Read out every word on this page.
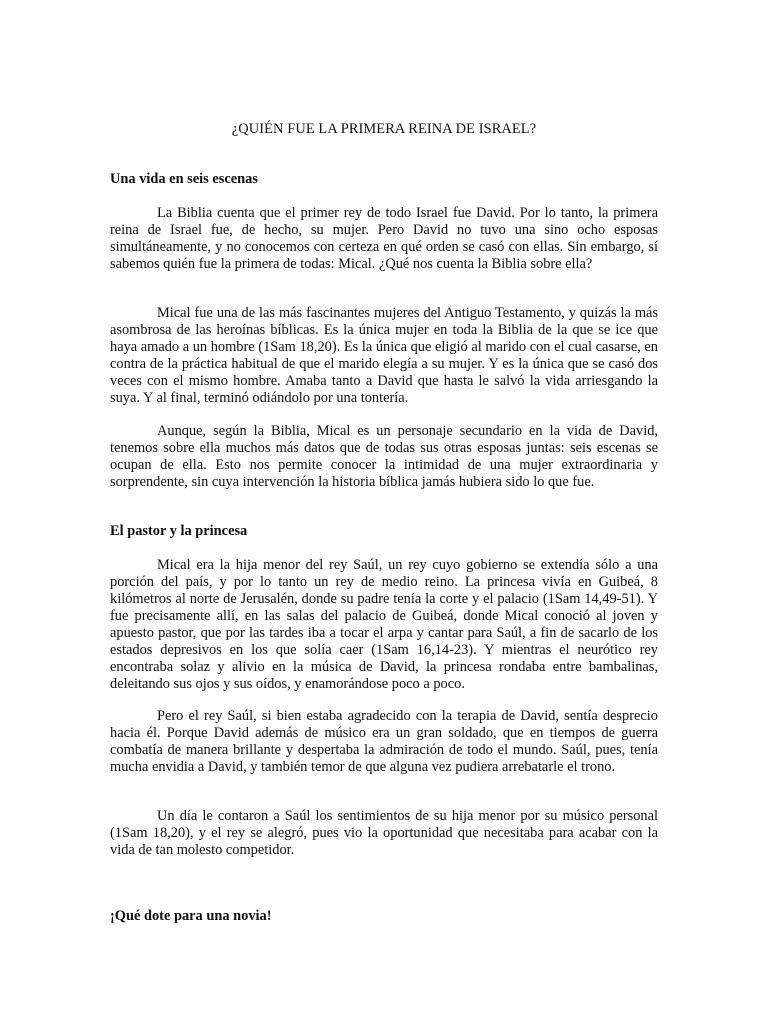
¿QUIÉN FUE LA PRIMERA REINA DE ISRAEL?
Una vida en seis escenas

La Biblia cuenta que el primer rey de todo Israel fue David. Por lo tanto, la primera reina de Israel fue, de hecho, su mujer. Pero David no tuvo una sino ocho esposas simultáneamente, y no conocemos con certeza en qué orden se casó con ellas. Sin embargo, sí sabemos quién fue la primera de todas: Mical. ¿Qué nos cuenta la Biblia sobre ella?

Mical fue una de las más fascinantes mujeres del Antiguo Testamento, y quizás la más asombrosa de las heroínas bíblicas. Es la única mujer en toda la Biblia de la que se ice que haya amado a un hombre (1Sam 18,20). Es la única que eligió al marido con el cual casarse, en contra de la práctica habitual de que el marido elegía a su mujer. Y es la única que se casó dos veces con el mismo hombre. Amaba tanto a David que hasta le salvó la vida arriesgando la suya. Y al final, terminó odiándolo por una tontería.

Aunque, según la Biblia, Mical es un personaje secundario en la vida de David, tenemos sobre ella muchos más datos que de todas sus otras esposas juntas: seis escenas se ocupan de ella. Esto nos permite conocer la intimidad de una mujer extraordinaria y sorprendente, sin cuya intervención la historia bíblica jamás hubiera sido lo que fue.

El pastor y la princesa

Mical era la hija menor del rey Saúl, un rey cuyo gobierno se extendía sólo a una porción del país, y por lo tanto un rey de medio reino. La princesa vivía en Guibeá, 8 kilómetros al norte de Jerusalén, donde su padre tenía la corte y el palacio (1Sam 14,49-51). Y fue precisamente allí, en las salas del palacio de Guibeá, donde Mical conoció al joven y apuesto pastor, que por las tardes iba a tocar el arpa y cantar para Saúl, a fin de sacarlo de los estados depresivos en los que solía caer (1Sam 16,14-23). Y mientras el neurótico rey encontraba solaz y alivio en la música de David, la princesa rondaba entre bambalinas, deleitando sus ojos y sus oídos, y enamorándose poco a poco.

Pero el rey Saúl, si bien estaba agradecido con la terapia de David, sentía desprecio hacia él. Porque David además de músico era un gran soldado, que en tiempos de guerra combatía de manera brillante y despertaba la admiración de todo el mundo. Saúl, pues, tenía mucha envidia a David, y también temor de que alguna vez pudiera arrebatarle el trono.

Un día le contaron a Saúl los sentimientos de su hija menor por su músico personal (1Sam 18,20), y el rey se alegró, pues vio la oportunidad que necesitaba para acabar con la vida de tan molesto competidor.

¡Qué dote para una novia!
